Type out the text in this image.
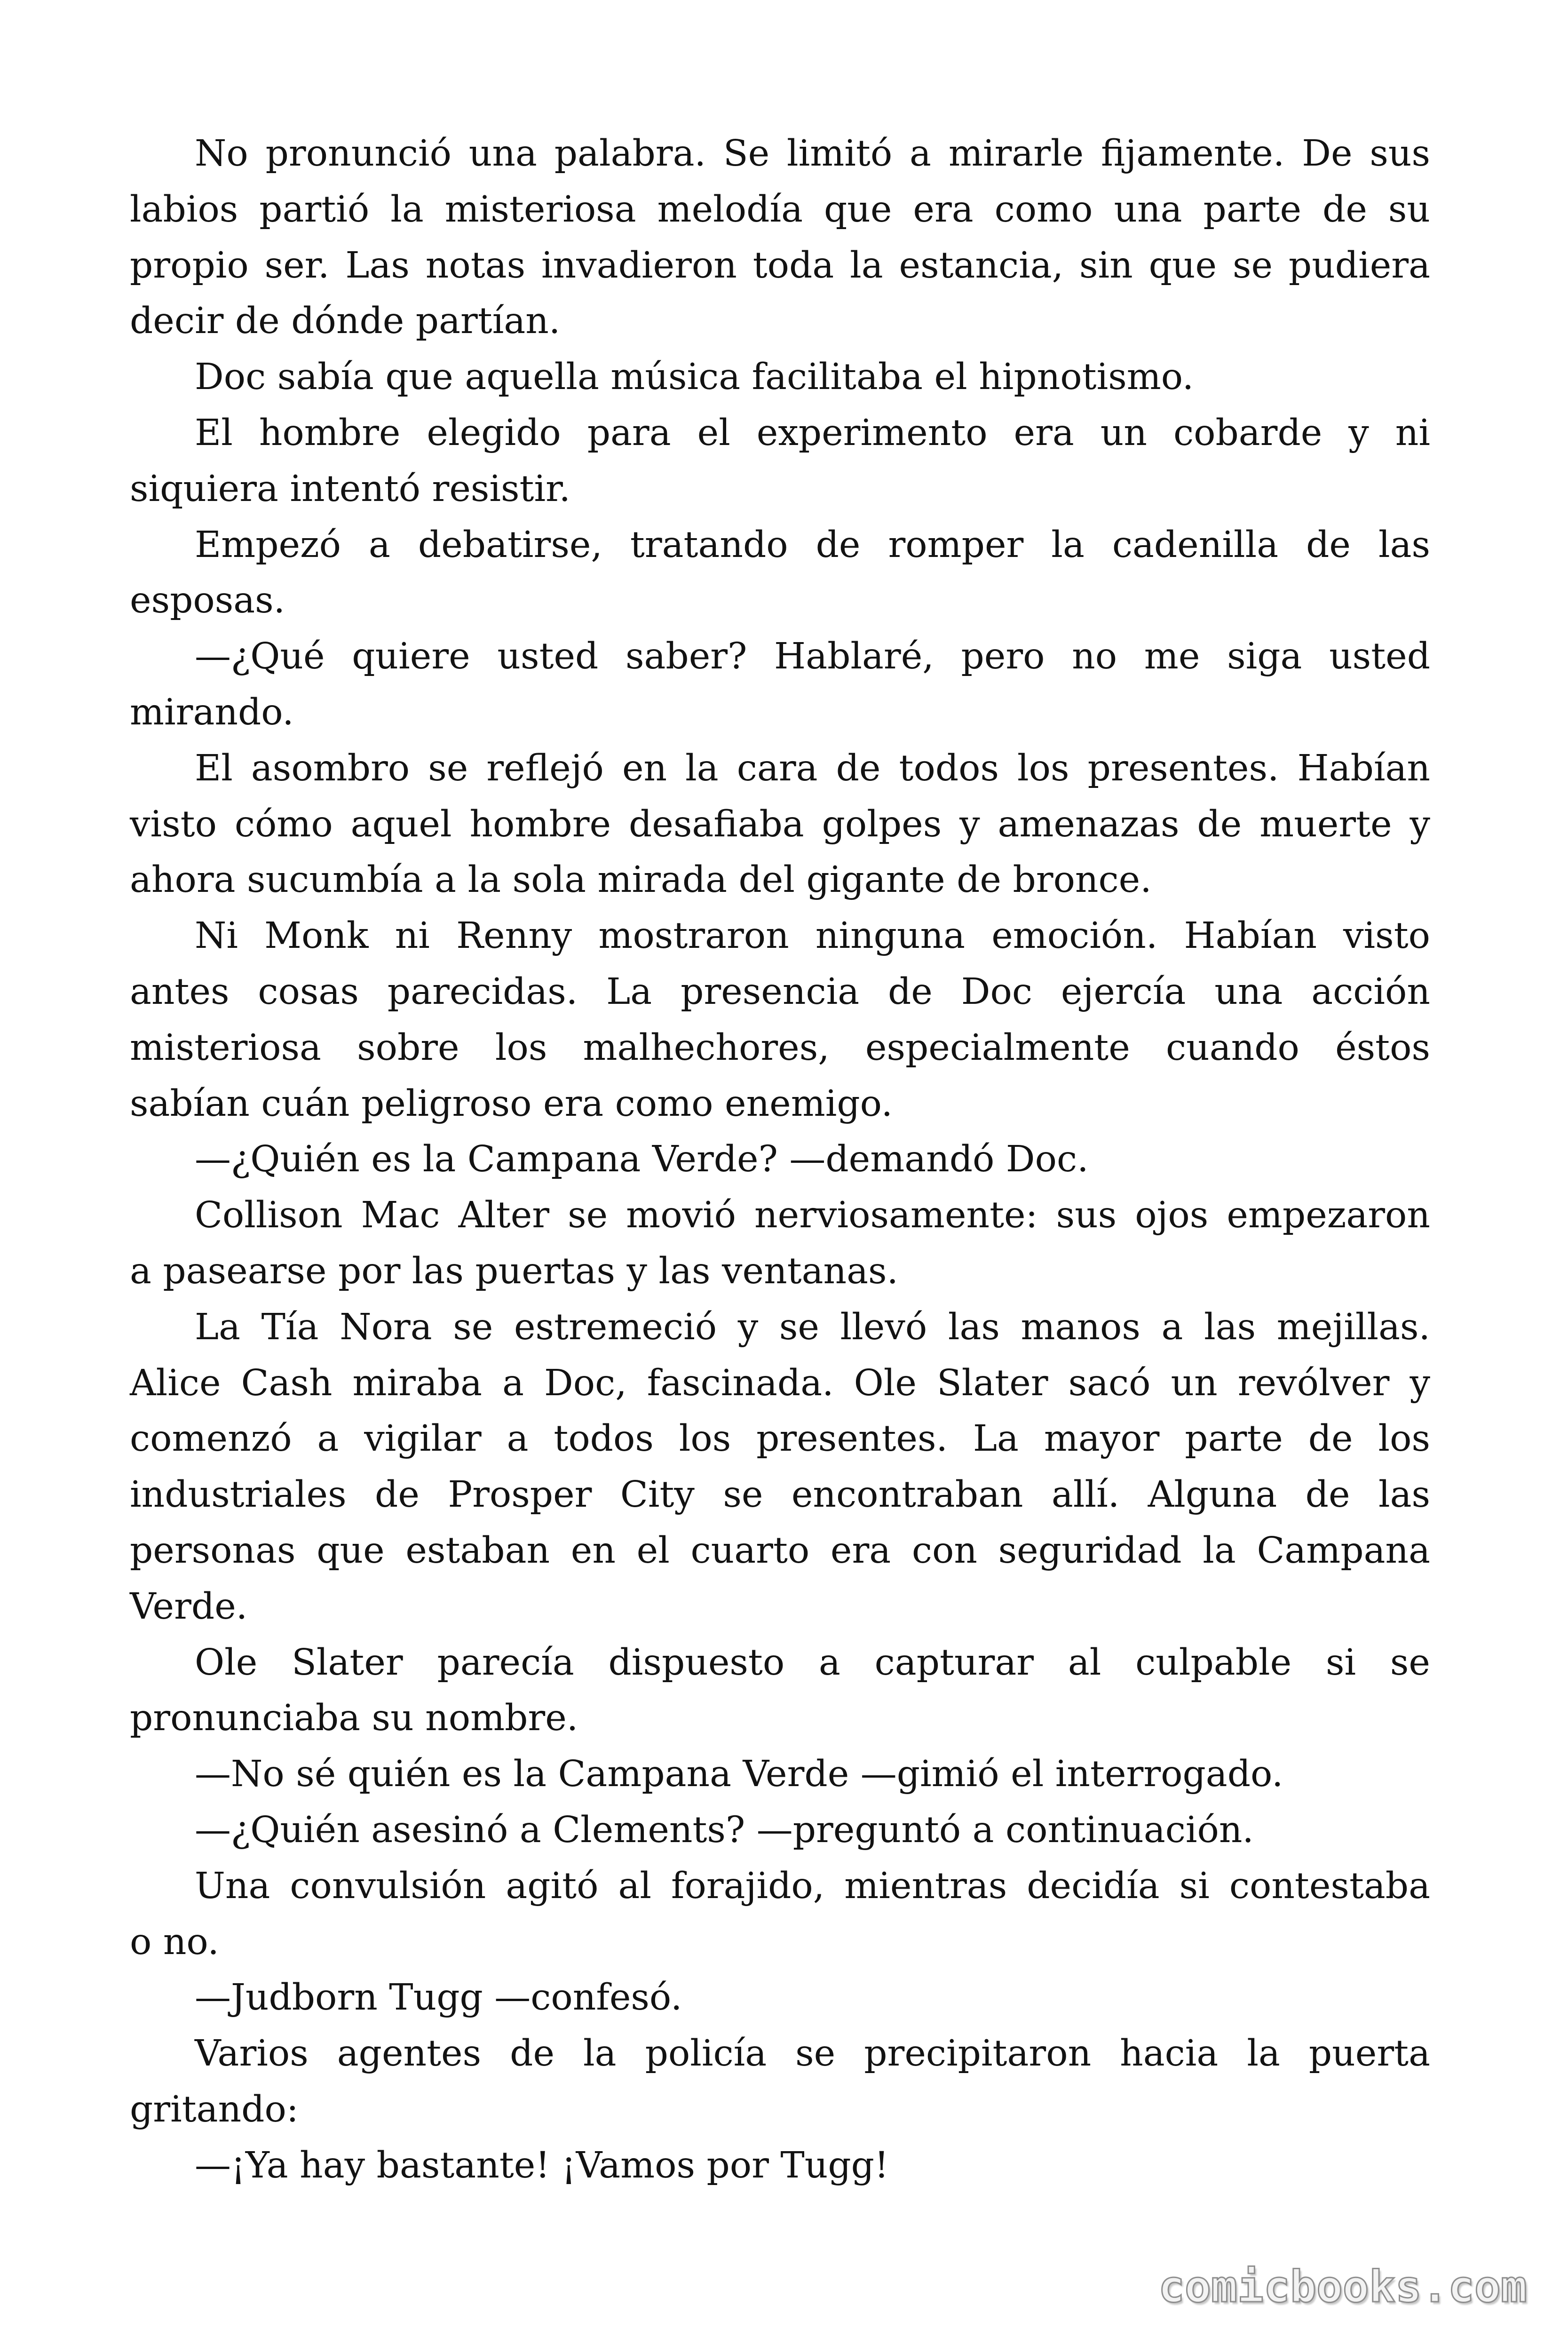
No pronunció una palabra. Se limitó a mirarle fijamente. De sus
labios partió la misteriosa melodía que era como una parte de su
propio ser. Las notas invadieron toda la estancia, sin que se pudiera
decir de dónde partían.
Doc sabía que aquella música facilitaba el hipnotismo.
El hombre elegido para el experimento era un cobarde y ni
siquiera intentó resistir.
Empezó a debatirse, tratando de romper la cadenilla de las
esposas.
—¿Qué quiere usted saber? Hablaré, pero no me siga usted
mirando.
El asombro se reflejó en la cara de todos los presentes. Habían
visto cómo aquel hombre desafiaba golpes y amenazas de muerte y
ahora sucumbía a la sola mirada del gigante de bronce.
Ni Monk ni Renny mostraron ninguna emoción. Habían visto
antes cosas parecidas. La presencia de Doc ejercía una acción
misteriosa sobre los malhechores, especialmente cuando éstos
sabían cuán peligroso era como enemigo.
—¿Quién es la Campana Verde? —demandó Doc.
Collison Mac Alter se movió nerviosamente: sus ojos empezaron
a pasearse por las puertas y las ventanas.
La Tía Nora se estremeció y se llevó las manos a las mejillas.
Alice Cash miraba a Doc, fascinada. Ole Slater sacó un revólver y
comenzó a vigilar a todos los presentes. La mayor parte de los
industriales de Prosper City se encontraban allí. Alguna de las
personas que estaban en el cuarto era con seguridad la Campana
Verde.
Ole Slater parecía dispuesto a capturar al culpable si se
pronunciaba su nombre.
—No sé quién es la Campana Verde —gimió el interrogado.
—¿Quién asesinó a Clements? —preguntó a continuación.
Una convulsión agitó al forajido, mientras decidía si contestaba
o no.
—Judborn Tugg —confesó.
Varios agentes de la policía se precipitaron hacia la puerta
gritando:
—¡Ya hay bastante! ¡Vamos por Tugg!
comicbooks.com
